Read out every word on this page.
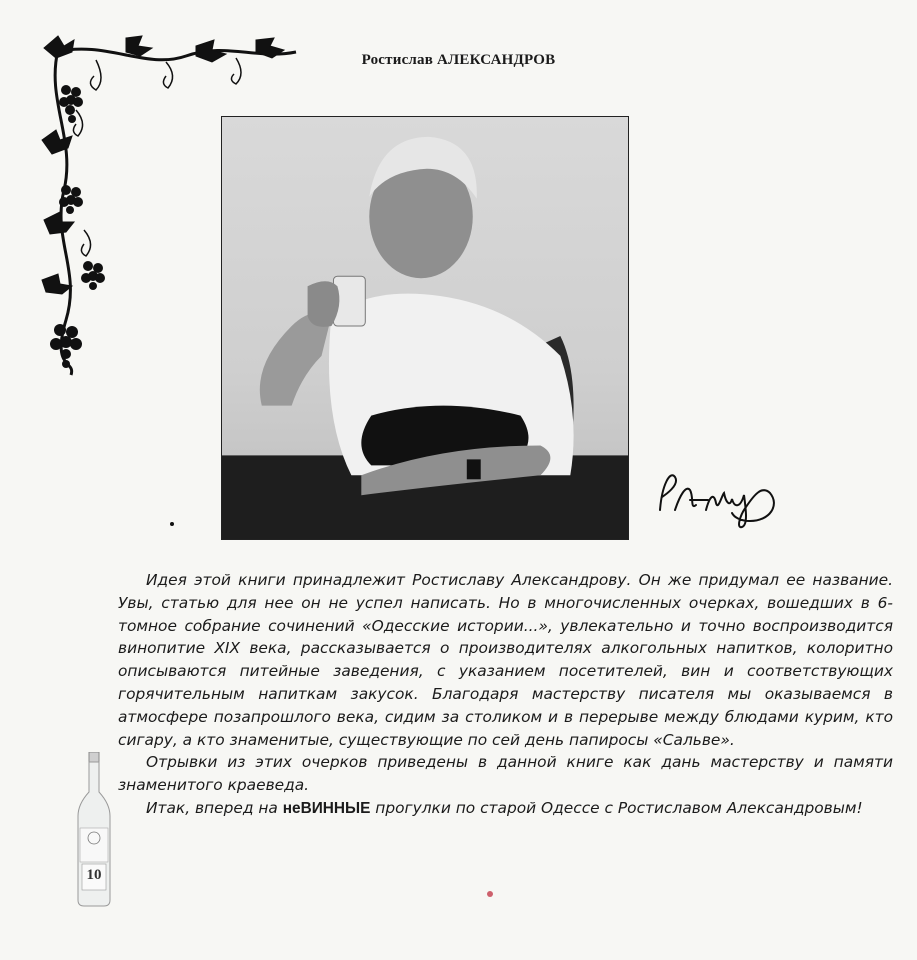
Ростислав АЛЕКСАНДРОВ

Идея этой книги принадлежит Ростиславу Александрову. Он же придумал ее название. Увы, статью для нее он не успел написать. Но в многочисленных очерках, вошедших в 6-томное собрание сочинений «Одесские истории...», увлекательно и точно воспроизводится винопитие XIX века, рассказывается о производителях алкогольных напитков, колоритно описываются питейные заведения, с указанием посетителей, вин и соответствующих горячительным напиткам закусок. Благодаря мастерству писателя мы оказываемся в атмосфере позапрошлого века, сидим за столиком и в перерыве между блюдами курим, кто сигару, а кто знаменитые, существующие по сей день папиросы «Сальве».

Отрывки из этих очерков приведены в данной книге как дань мастерству и памяти знаменитого краеведа.

Итак, вперед на неВИННЫЕ прогулки по старой Одессе с Ростиславом Александровым!

10
